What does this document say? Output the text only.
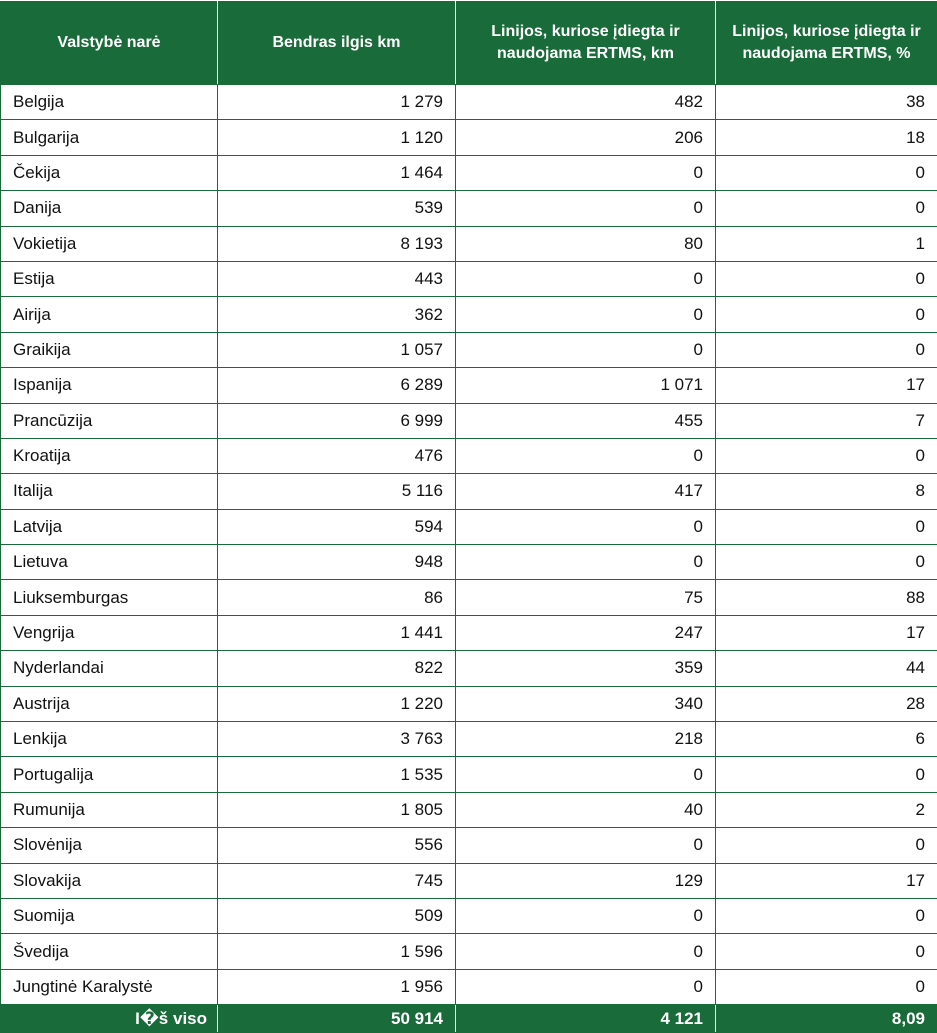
Valstybė narė	Bendras ilgis km	Linijos, kuriose įdiegta ir naudojama ERTMS, km	Linijos, kuriose įdiegta ir naudojama ERTMS, %
Belgija	1 279	482	38
Bulgarija	1 120	206	18
Čekija	1 464	0	0
Danija	539	0	0
Vokietija	8 193	80	1
Estija	443	0	0
Airija	362	0	0
Graikija	1 057	0	0
Ispanija	6 289	1 071	17
Prancūzija	6 999	455	7
Kroatija	476	0	0
Italija	5 116	417	8
Latvija	594	0	0
Lietuva	948	0	0
Liuksemburgas	86	75	88
Vengrija	1 441	247	17
Nyderlandai	822	359	44
Austrija	1 220	340	28
Lenkija	3 763	218	6
Portugalija	1 535	0	0
Rumunija	1 805	40	2
Slovėnija	556	0	0
Slovakija	745	129	17
Suomija	509	0	0
Švedija	1 596	0	0
Jungtinė Karalystė	1 956	0	0
I�š viso	50 914	4 121	8,09
